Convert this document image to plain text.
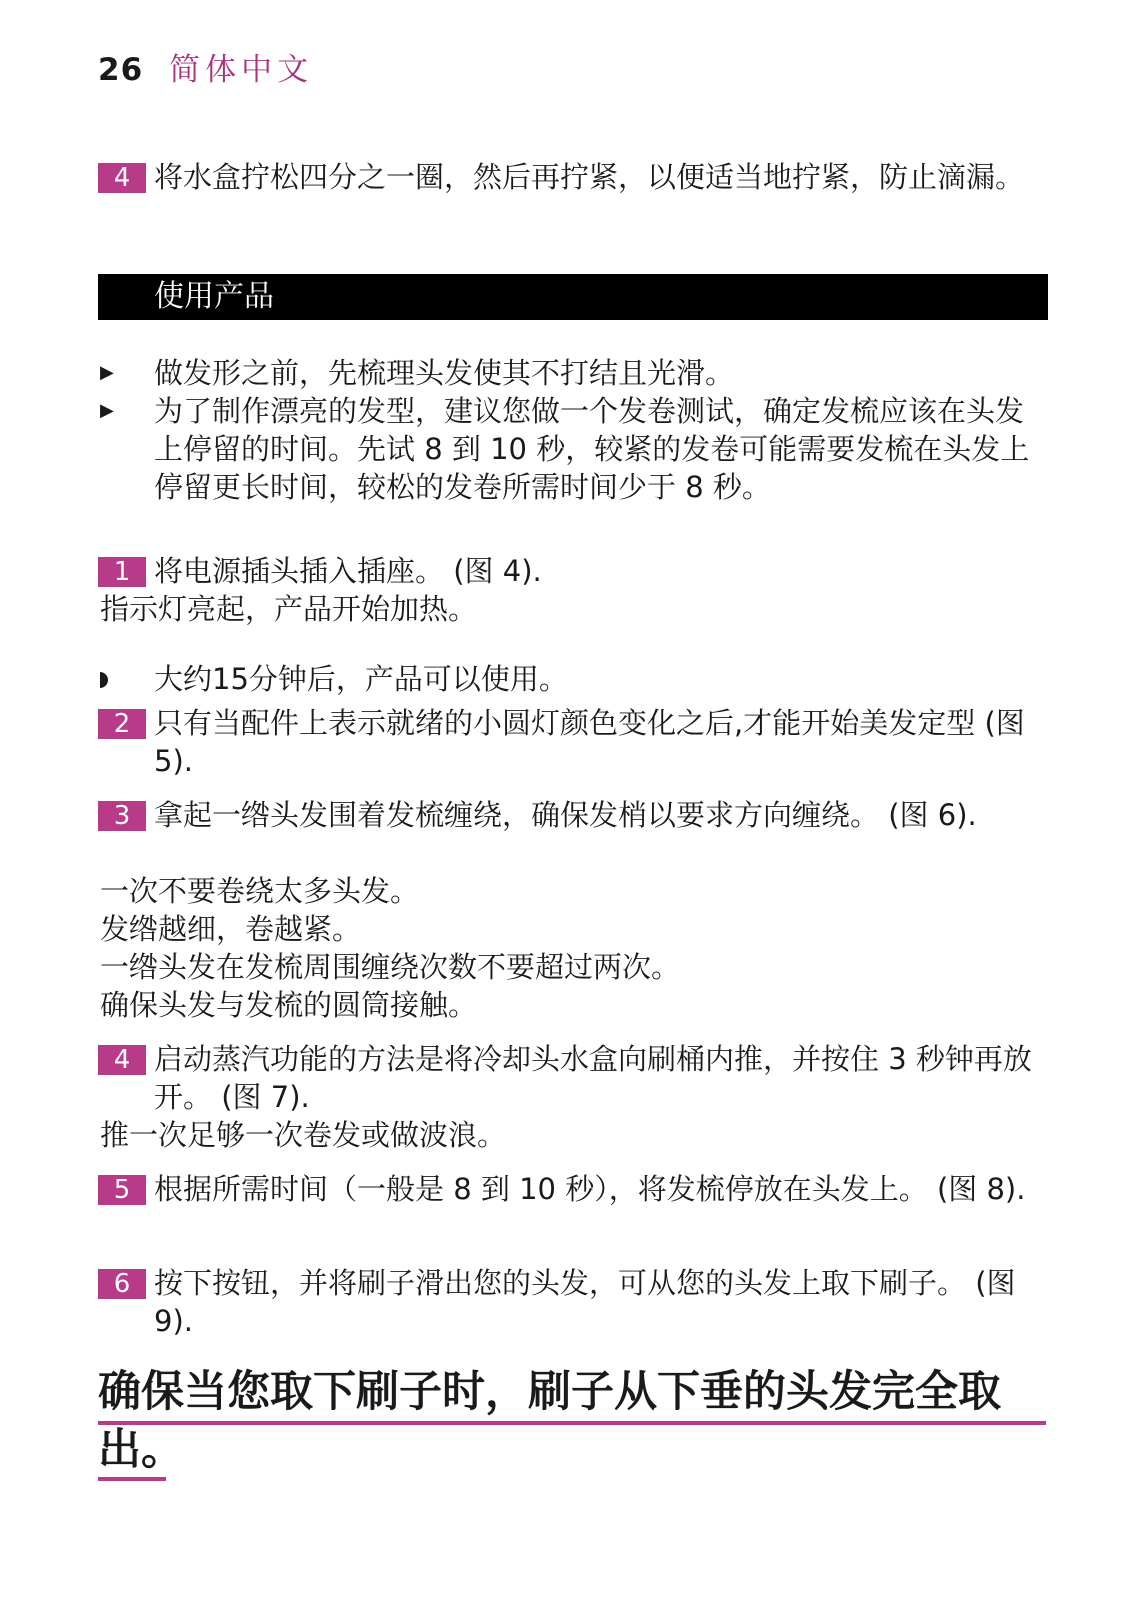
26 简体中文
4 将水盒拧松四分之一圈，然后再拧紧，以便适当地拧紧，防止滴漏。
使用产品
▶ 做发形之前，先梳理头发使其不打结且光滑。
▶ 为了制作漂亮的发型，建议您做一个发卷测试，确定发梳应该在头发上停留的时间。先试 8 到 10 秒，较紧的发卷可能需要发梳在头发上停留更长时间，较松的发卷所需时间少于 8 秒。
1 将电源插头插入插座。 (图 4).
指示灯亮起，产品开始加热。
大约15分钟后，产品可以使用。
2 只有当配件上表示就绪的小圆灯颜色变化之后,才能开始美发定型 (图 5).
3 拿起一绺头发围着发梳缠绕，确保发梢以要求方向缠绕。 (图 6).
一次不要卷绕太多头发。
发绺越细，卷越紧。
一绺头发在发梳周围缠绕次数不要超过两次。
确保头发与发梳的圆筒接触。
4 启动蒸汽功能的方法是将冷却头水盒向刷桶内推，并按住 3 秒钟再放开。 (图 7).
推一次足够一次卷发或做波浪。
5 根据所需时间（一般是 8 到 10 秒），将发梳停放在头发上。 (图 8).
6 按下按钮，并将刷子滑出您的头发，可从您的头发上取下刷子。 (图 9).
确保当您取下刷子时，刷子从下垂的头发完全取
出。
